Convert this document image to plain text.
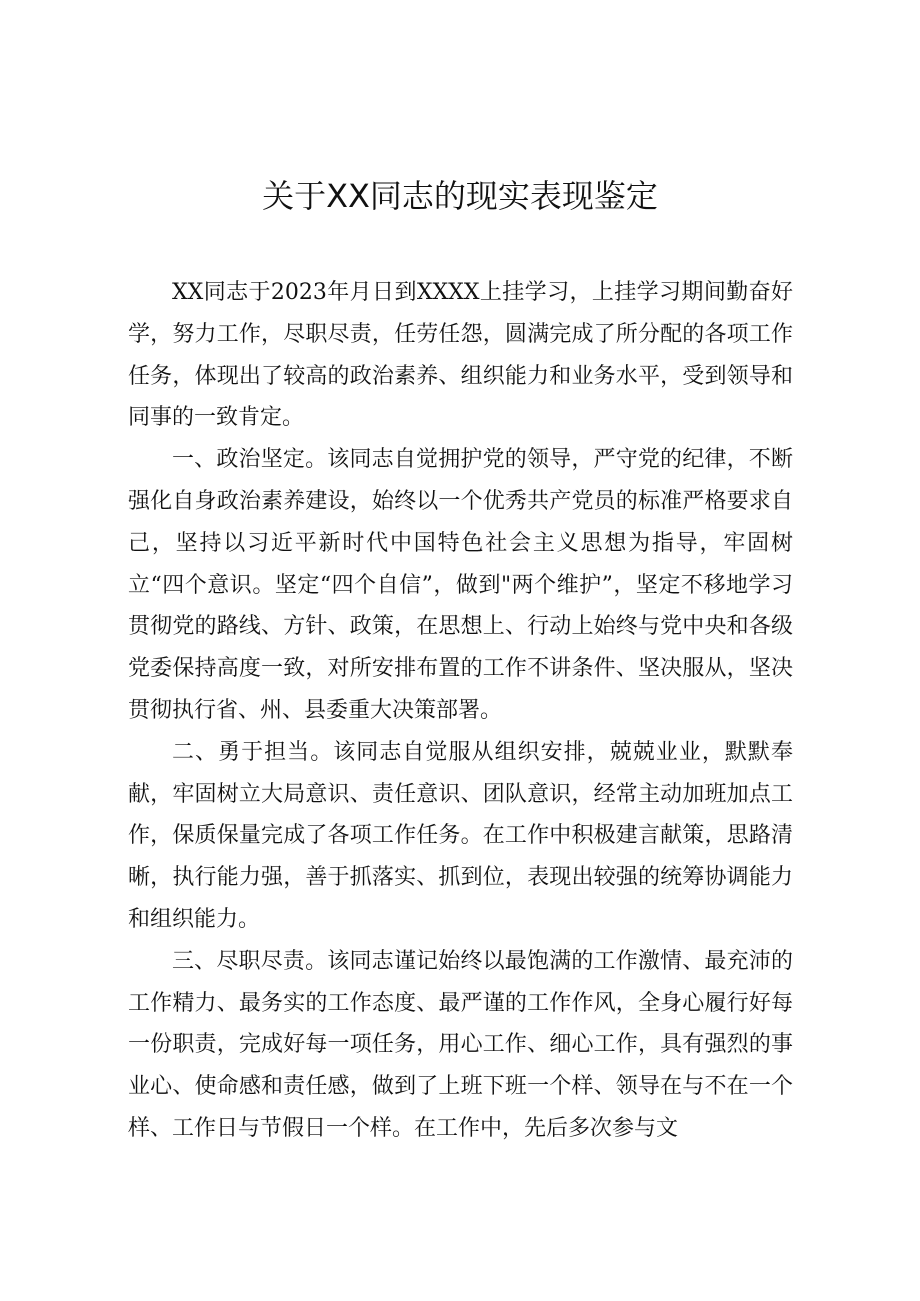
关于XX同志的现实表现鉴定

XX同志于2023年月日到XXXX上挂学习，上挂学习期间勤奋好学，努力工作，尽职尽责，任劳任怨，圆满完成了所分配的各项工作任务，体现出了较高的政治素养、组织能力和业务水平，受到领导和同事的一致肯定。

一、政治坚定。该同志自觉拥护党的领导，严守党的纪律，不断强化自身政治素养建设，始终以一个优秀共产党员的标准严格要求自己，坚持以习近平新时代中国特色社会主义思想为指导，牢固树立“四个意识。坚定“四个自信”，做到"两个维护”，坚定不移地学习贯彻党的路线、方针、政策，在思想上、行动上始终与党中央和各级党委保持高度一致，对所安排布置的工作不讲条件、坚决服从，坚决贯彻执行省、州、县委重大决策部署。

二、勇于担当。该同志自觉服从组织安排，兢兢业业，默默奉献，牢固树立大局意识、责任意识、团队意识，经常主动加班加点工作，保质保量完成了各项工作任务。在工作中积极建言献策，思路清晰，执行能力强，善于抓落实、抓到位，表现出较强的统筹协调能力和组织能力。

三、尽职尽责。该同志谨记始终以最饱满的工作激情、最充沛的工作精力、最务实的工作态度、最严谨的工作作风，全身心履行好每一份职责，完成好每一项任务，用心工作、细心工作，具有强烈的事业心、使命感和责任感，做到了上班下班一个样、领导在与不在一个样、工作日与节假日一个样。在工作中，先后多次参与文
